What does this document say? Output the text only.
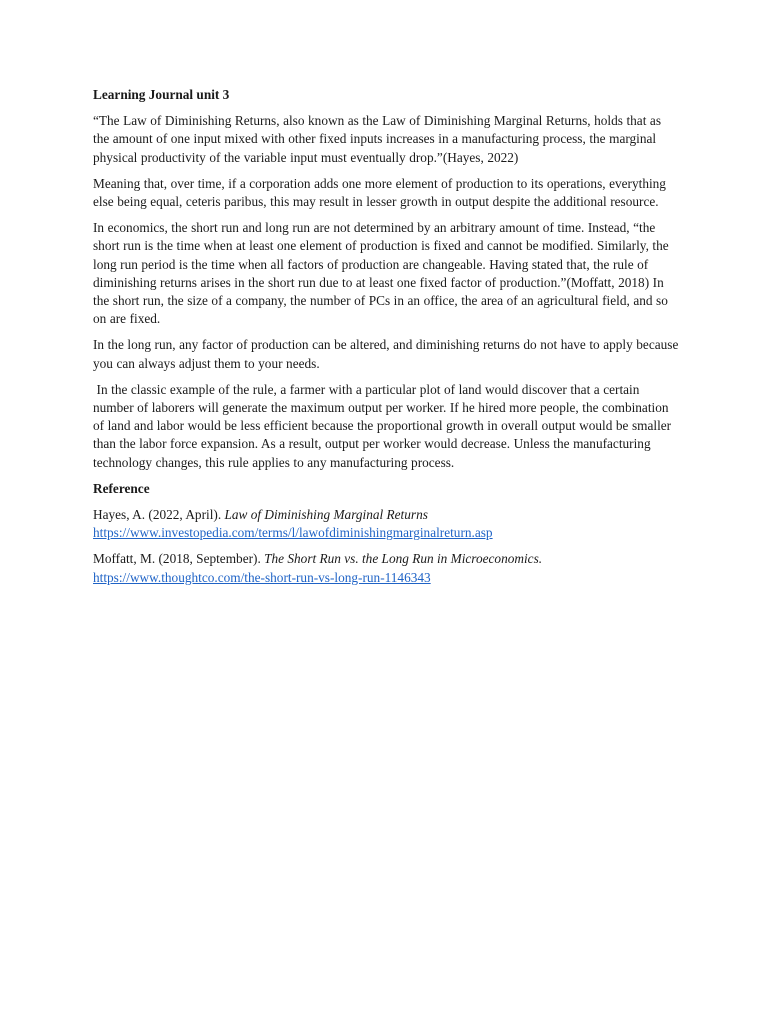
Learning Journal unit 3

“The Law of Diminishing Returns, also known as the Law of Diminishing Marginal Returns, holds that as the amount of one input mixed with other fixed inputs increases in a manufacturing process, the marginal physical productivity of the variable input must eventually drop.”(Hayes, 2022)

Meaning that, over time, if a corporation adds one more element of production to its operations, everything else being equal, ceteris paribus, this may result in lesser growth in output despite the additional resource.

In economics, the short run and long run are not determined by an arbitrary amount of time. Instead, “the short run is the time when at least one element of production is fixed and cannot be modified. Similarly, the long run period is the time when all factors of production are changeable. Having stated that, the rule of diminishing returns arises in the short run due to at least one fixed factor of production.”(Moffatt, 2018) In the short run, the size of a company, the number of PCs in an office, the area of an agricultural field, and so on are fixed.

In the long run, any factor of production can be altered, and diminishing returns do not have to apply because you can always adjust them to your needs.

In the classic example of the rule, a farmer with a particular plot of land would discover that a certain number of laborers will generate the maximum output per worker. If he hired more people, the combination of land and labor would be less efficient because the proportional growth in overall output would be smaller than the labor force expansion. As a result, output per worker would decrease. Unless the manufacturing technology changes, this rule applies to any manufacturing process.

Reference

Hayes, A. (2022, April). Law of Diminishing Marginal Returns
https://www.investopedia.com/terms/l/lawofdiminishingmarginalreturn.asp
Moffatt, M. (2018, September). The Short Run vs. the Long Run in Microeconomics.
https://www.thoughtco.com/the-short-run-vs-long-run-1146343
